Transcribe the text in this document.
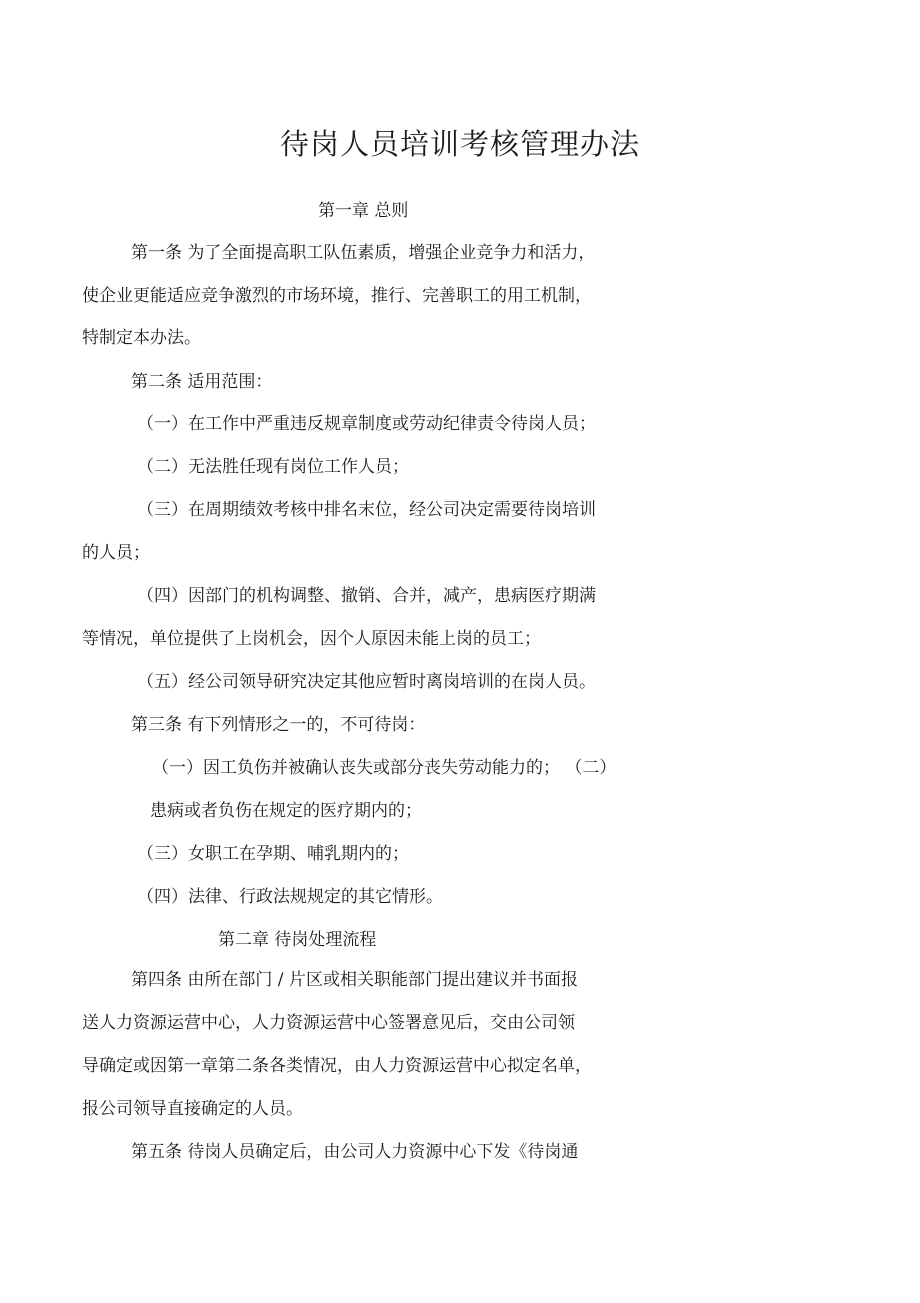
待岗人员培训考核管理办法
第一章 总则
第一条 为了全面提高职工队伍素质，增强企业竞争力和活力，
使企业更能适应竞争激烈的市场环境，推行、完善职工的用工机制，
特制定本办法。
第二条 适用范围：
（一）在工作中严重违反规章制度或劳动纪律责令待岗人员；
（二）无法胜任现有岗位工作人员；
（三）在周期绩效考核中排名末位，经公司决定需要待岗培训
的人员；
（四）因部门的机构调整、撤销、合并，减产，患病医疗期满
等情况，单位提供了上岗机会，因个人原因未能上岗的员工；
（五）经公司领导研究决定其他应暂时离岗培训的在岗人员。
第三条 有下列情形之一的，不可待岗：
（一）因工负伤并被确认丧失或部分丧失劳动能力的； （二）
患病或者负伤在规定的医疗期内的；
（三）女职工在孕期、哺乳期内的；
（四）法律、行政法规规定的其它情形。
第二章 待岗处理流程
第四条 由所在部门 / 片区或相关职能部门提出建议并书面报
送人力资源运营中心，人力资源运营中心签署意见后，交由公司领
导确定或因第一章第二条各类情况，由人力资源运营中心拟定名单，
报公司领导直接确定的人员。
第五条 待岗人员确定后，由公司人力资源中心下发《待岗通
